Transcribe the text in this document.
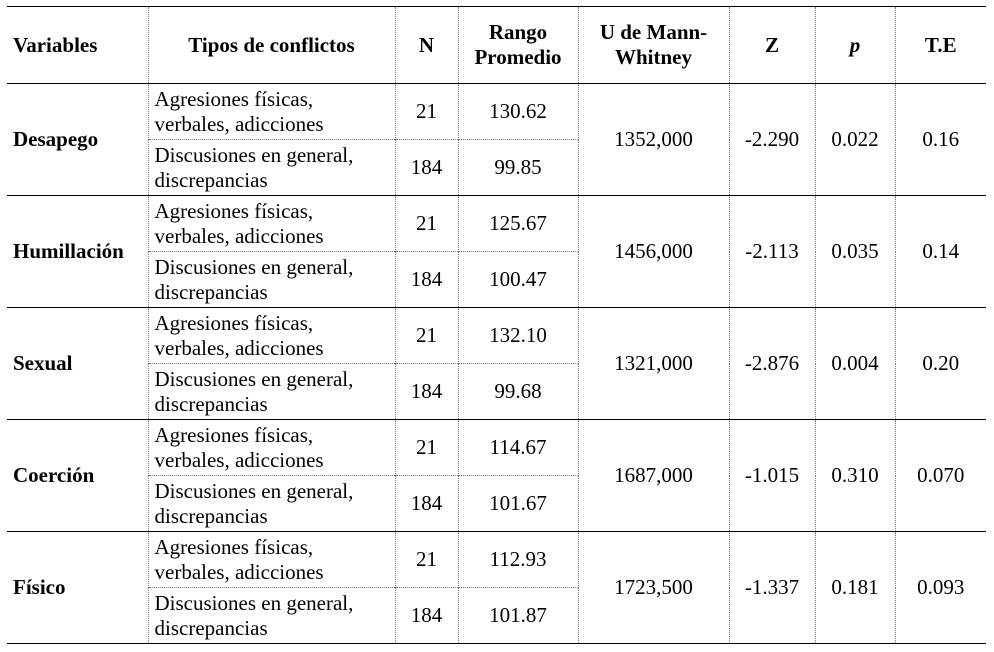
Variables	Tipos de conflictos	N	Rango Promedio	U de Mann-Whitney	Z	p	T.E
Desapego	Agresiones físicas, verbales, adicciones	21	130.62	1352,000	-2.290	0.022	0.16
	Discusiones en general, discrepancias	184	99.85				
Humillación	Agresiones físicas, verbales, adicciones	21	125.67	1456,000	-2.113	0.035	0.14
	Discusiones en general, discrepancias	184	100.47				
Sexual	Agresiones físicas, verbales, adicciones	21	132.10	1321,000	-2.876	0.004	0.20
	Discusiones en general, discrepancias	184	99.68				
Coerción	Agresiones físicas, verbales, adicciones	21	114.67	1687,000	-1.015	0.310	0.070
	Discusiones en general, discrepancias	184	101.67				
Físico	Agresiones físicas, verbales, adicciones	21	112.93	1723,500	-1.337	0.181	0.093
	Discusiones en general, discrepancias	184	101.87				
